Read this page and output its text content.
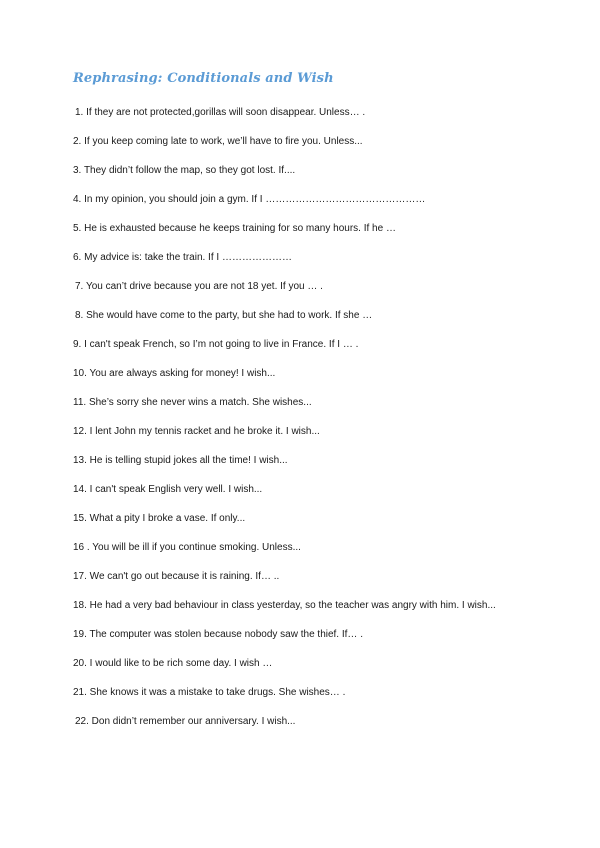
Rephrasing: Conditionals and Wish
1. If they are not protected,gorillas will soon disappear. Unless… .
2. If you keep coming late to work, we’ll have to fire you. Unless...
3. They didn’t follow the map, so they got lost. If....
4. In my opinion, you should join a gym. If I …………………………………………
5. He is exhausted because he keeps training for so many hours. If he …
6. My advice is: take the train. If I …………………
7. You can’t drive because you are not 18 yet. If you … .
8. She would have come to the party, but she had to work. If she …
9. I can't speak French, so I’m not going to live in France. If I … .
10. You are always asking for money! I wish...
11. She’s sorry she never wins a match. She wishes...
12. I lent John my tennis racket and he broke it. I wish...
13. He is telling stupid jokes all the time! I wish...
14. I can't speak English very well. I wish...
15. What a pity I broke a vase. If only...
16 . You will be ill if you continue smoking. Unless...
17. We can't go out because it is raining. If… ..
18. He had a very bad behaviour in class yesterday, so the teacher was angry with him. I wish...
19. The computer was stolen because nobody saw the thief. If… .
20. I would like to be rich some day. I wish …
21. She knows it was a mistake to take drugs. She wishes… .
22. Don didn’t remember our anniversary. I wish...
